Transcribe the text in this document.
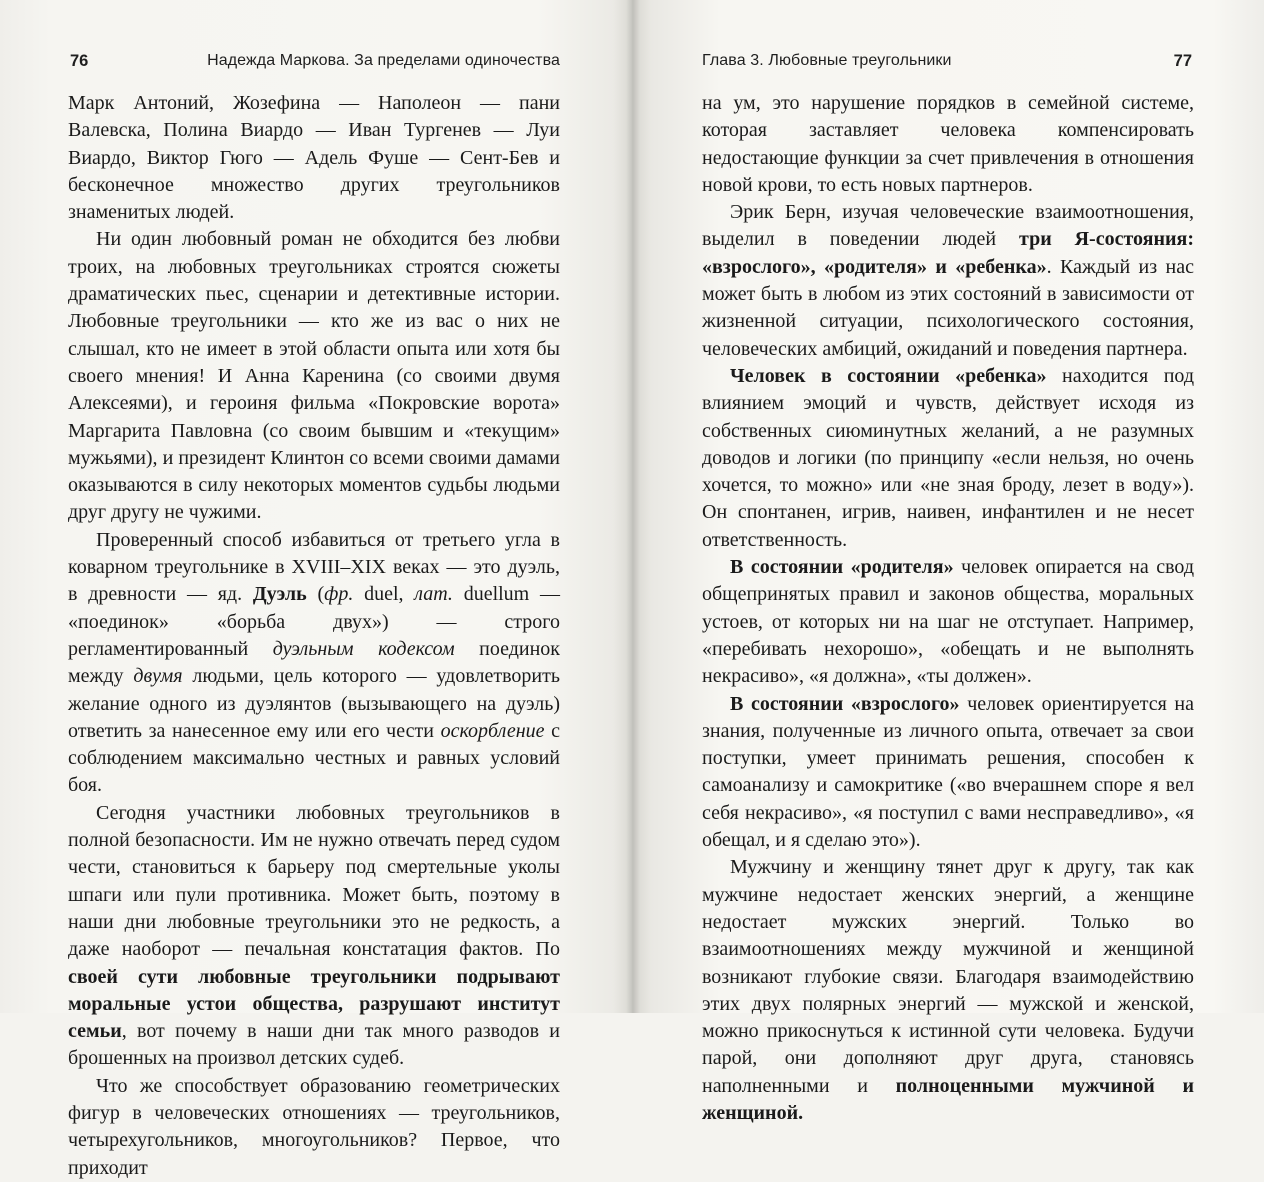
76	Надежда Маркова. За пределами одиночества

Марк Антоний, Жозефина — Наполеон — пани Валевска, Полина Виардо — Иван Тургенев — Луи Виардо, Виктор Гюго — Адель Фуше — Сент-Бев и бесконечное множество других треугольников знаменитых людей.

Ни один любовный роман не обходится без любви троих, на любовных треугольниках строятся сюжеты драматических пьес, сценарии и детективные истории. Любовные треугольники — кто же из вас о них не слышал, кто не имеет в этой области опыта или хотя бы своего мнения! И Анна Каренина (со своими двумя Алексеями), и героиня фильма «Покровские ворота» Маргарита Павловна (со своим бывшим и «текущим» мужьями), и президент Клинтон со всеми своими дамами оказываются в силу некоторых моментов судьбы людьми друг другу не чужими.

Проверенный способ избавиться от третьего угла в коварном треугольнике в XVIII–XIX веках — это дуэль, в древности — яд. Дуэль (фр. duel, лат. duellum — «поединок» «борьба двух») — строго регламентированный дуэльным кодексом поединок между двумя людьми, цель которого — удовлетворить желание одного из дуэлянтов (вызывающего на дуэль) ответить за нанесенное ему или его чести оскорбление с соблюдением максимально честных и равных условий боя.

Сегодня участники любовных треугольников в полной безопасности. Им не нужно отвечать перед судом чести, становиться к барьеру под смертельные уколы шпаги или пули противника. Может быть, поэтому в наши дни любовные треугольники это не редкость, а даже наоборот — печальная констатация фактов. По своей сути любовные треугольники подрывают моральные устои общества, разрушают институт семьи, вот почему в наши дни так много разводов и брошенных на произвол детских судеб.

Что же способствует образованию геометрических фигур в человеческих отношениях — треугольников, четырехугольников, многоугольников? Первое, что приходит

Глава 3. Любовные треугольники	77

на ум, это нарушение порядков в семейной системе, которая заставляет человека компенсировать недостающие функции за счет привлечения в отношения новой крови, то есть новых партнеров.

Эрик Берн, изучая человеческие взаимоотношения, выделил в поведении людей три Я-состояния: «взрослого», «родителя» и «ребенка». Каждый из нас может быть в любом из этих состояний в зависимости от жизненной ситуации, психологического состояния, человеческих амбиций, ожиданий и поведения партнера.

Человек в состоянии «ребенка» находится под влиянием эмоций и чувств, действует исходя из собственных сиюминутных желаний, а не разумных доводов и логики (по принципу «если нельзя, но очень хочется, то можно» или «не зная броду, лезет в воду»). Он спонтанен, игрив, наивен, инфантилен и не несет ответственность.

В состоянии «родителя» человек опирается на свод общепринятых правил и законов общества, моральных устоев, от которых ни на шаг не отступает. Например, «перебивать нехорошо», «обещать и не выполнять некрасиво», «я должна», «ты должен».

В состоянии «взрослого» человек ориентируется на знания, полученные из личного опыта, отвечает за свои поступки, умеет принимать решения, способен к самоанализу и самокритике («во вчерашнем споре я вел себя некрасиво», «я поступил с вами несправедливо», «я обещал, и я сделаю это»).

Мужчину и женщину тянет друг к другу, так как мужчине недостает женских энергий, а женщине недостает мужских энергий. Только во взаимоотношениях между мужчиной и женщиной возникают глубокие связи. Благодаря взаимодействию этих двух полярных энергий — мужской и женской, можно прикоснуться к истинной сути человека. Будучи парой, они дополняют друг друга, становясь наполненными и полноценными мужчиной и женщиной.
